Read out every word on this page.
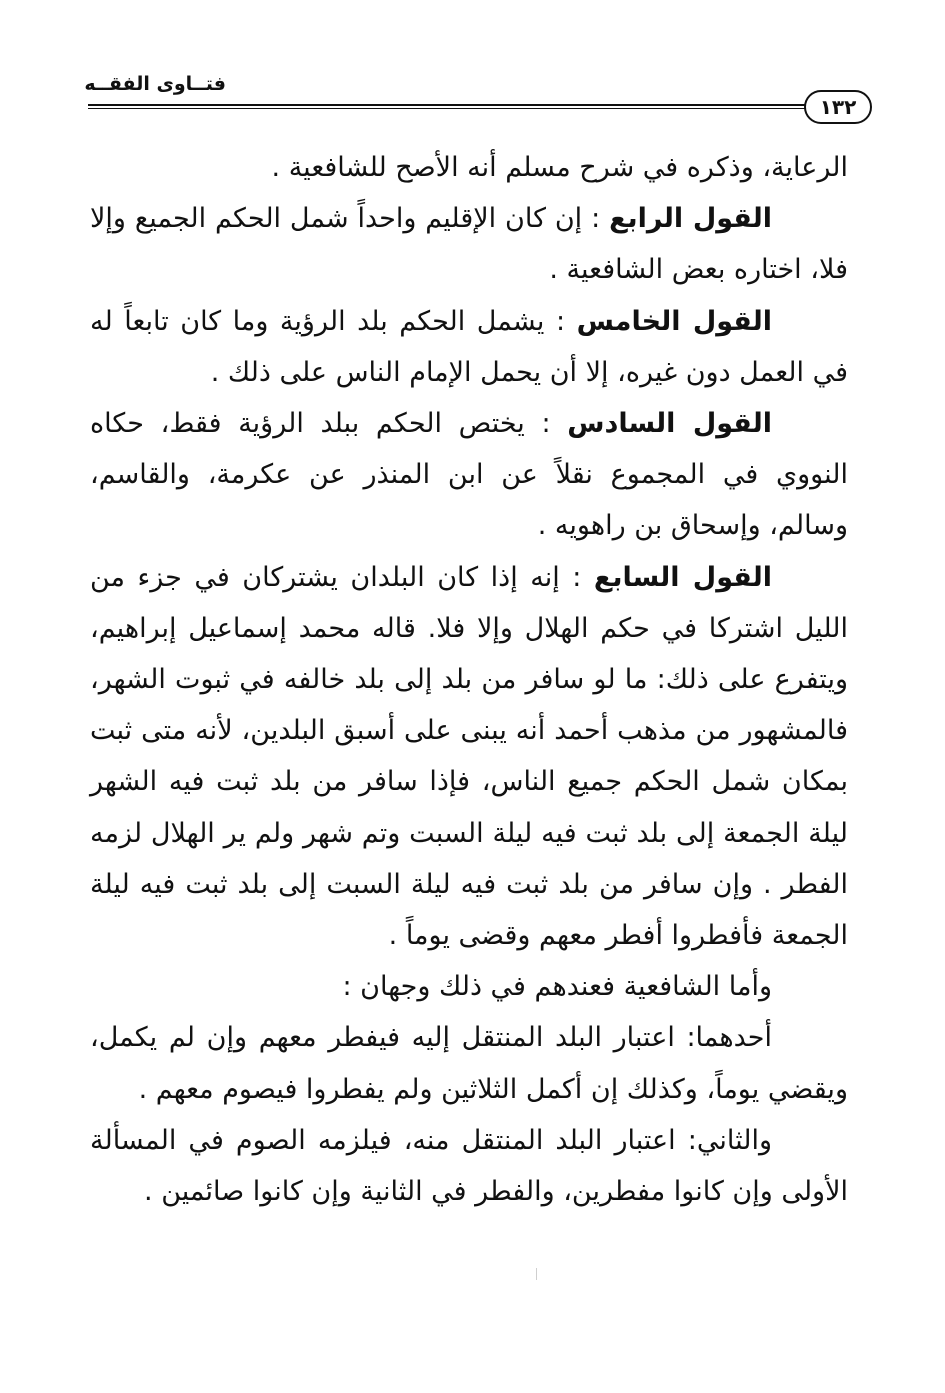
فتــاوى الفقــه
١٣٢

الرعاية، وذكره في شرح مسلم أنه الأصح للشافعية .

القول الرابع : إن كان الإقليم واحداً شمل الحكم الجميع وإلا فلا، اختاره بعض الشافعية .

القول الخامس : يشمل الحكم بلد الرؤية وما كان تابعاً له في العمل دون غيره، إلا أن يحمل الإمام الناس على ذلك .

القول السادس : يختص الحكم ببلد الرؤية فقط، حكاه النووي في المجموع نقلاً عن ابن المنذر عن عكرمة، والقاسم، وسالم، وإسحاق بن راهويه .

القول السابع : إنه إذا كان البلدان يشتركان في جزء من الليل اشتركا في حكم الهلال وإلا فلا. قاله محمد إسماعيل إبراهيم، ويتفرع على ذلك: ما لو سافر من بلد إلى بلد خالفه في ثبوت الشهر، فالمشهور من مذهب أحمد أنه يبنى على أسبق البلدين، لأنه متى ثبت بمكان شمل الحكم جميع الناس، فإذا سافر من بلد ثبت فيه الشهر ليلة الجمعة إلى بلد ثبت فيه ليلة السبت وتم شهر ولم ير الهلال لزمه الفطر . وإن سافر من بلد ثبت فيه ليلة السبت إلى بلد ثبت فيه ليلة الجمعة فأفطروا أفطر معهم وقضى يوماً .

وأما الشافعية فعندهم في ذلك وجهان :

أحدهما: اعتبار البلد المنتقل إليه فيفطر معهم وإن لم يكمل، ويقضي يوماً، وكذلك إن أكمل الثلاثين ولم يفطروا فيصوم معهم .

والثاني: اعتبار البلد المنتقل منه، فيلزمه الصوم في المسألة الأولى وإن كانوا مفطرين، والفطر في الثانية وإن كانوا صائمين .
